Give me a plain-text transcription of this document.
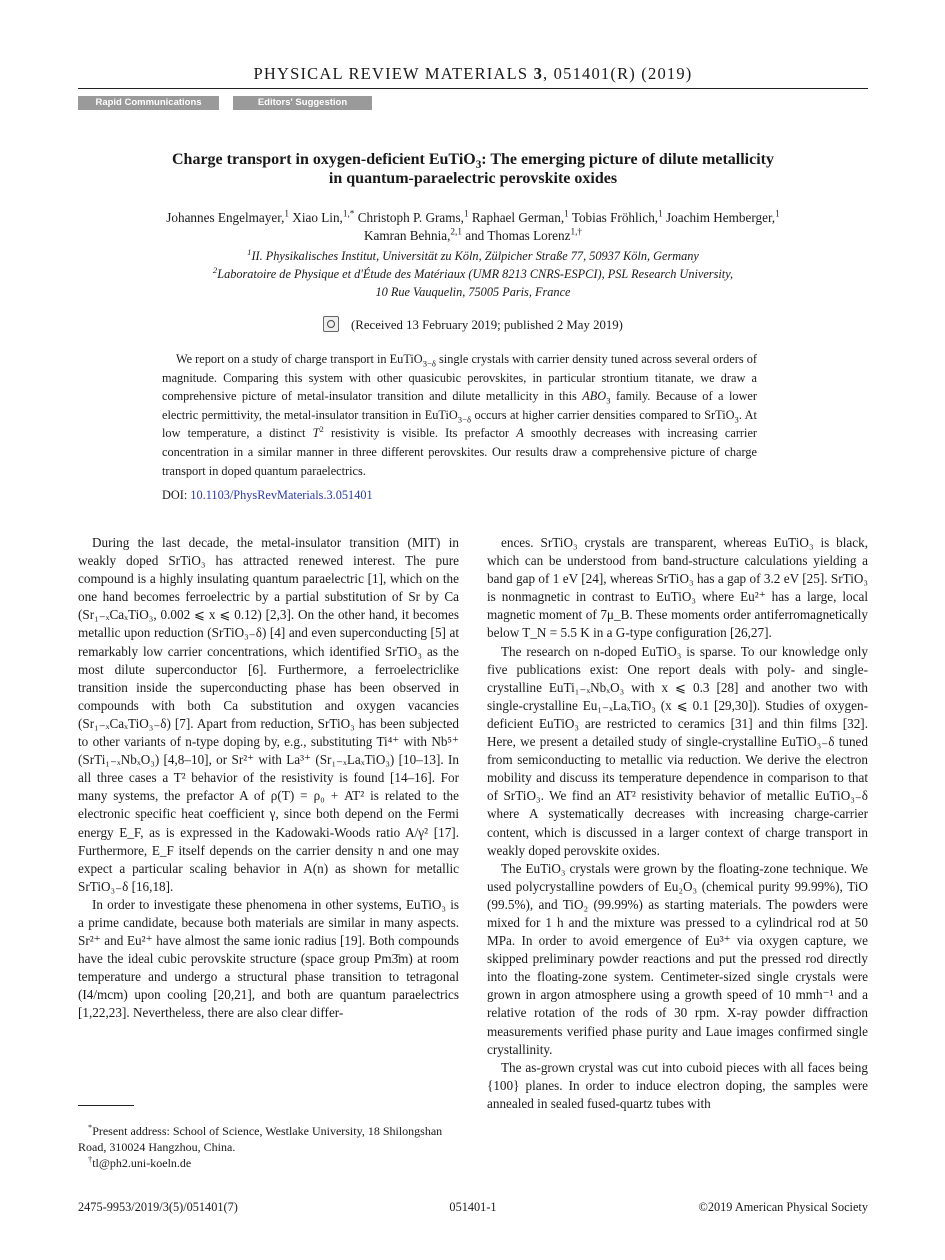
PHYSICAL REVIEW MATERIALS 3, 051401(R) (2019)
Rapid Communications	Editors' Suggestion
Charge transport in oxygen-deficient EuTiO$_3$: The emerging picture of dilute metallicity
in quantum-paraelectric perovskite oxides
Johannes Engelmayer,$^1$ Xiao Lin,$^{1,*}$ Christoph P. Grams,$^1$ Raphael German,$^1$ Tobias Fröhlich,$^1$ Joachim Hemberger,$^1$
Kamran Behnia,$^{2,1}$ and Thomas Lorenz$^{1,\dagger}$
$^1$II. Physikalisches Institut, Universität zu Köln, Zülpicher Straße 77, 50937 Köln, Germany
$^2$Laboratoire de Physique et d'Étude des Matériaux (UMR 8213 CNRS-ESPCI), PSL Research University,
10 Rue Vauquelin, 75005 Paris, France
(Received 13 February 2019; published 2 May 2019)

We report on a study of charge transport in EuTiO$_{3-\delta}$ single crystals with carrier density tuned across several orders of magnitude. Comparing this system with other quasicubic perovskites, in particular strontium titanate, we draw a comprehensive picture of metal-insulator transition and dilute metallicity in this $ABO_3$ family. Because of a lower electric permittivity, the metal-insulator transition in EuTiO$_{3-\delta}$ occurs at higher carrier densities compared to SrTiO$_3$. At low temperature, a distinct $T^2$ resistivity is visible. Its prefactor A smoothly decreases with increasing carrier concentration in a similar manner in three different perovskites. Our results draw a comprehensive picture of charge transport in doped quantum paraelectrics.

DOI: 10.1103/PhysRevMaterials.3.051401

During the last decade, the metal-insulator transition (MIT) in weakly doped SrTiO₃ has attracted renewed interest. The pure compound is a highly insulating quantum paraelectric [1], which on the one hand becomes ferroelectric by a partial substitution of Sr by Ca (Sr₁₋ₓCaₓTiO₃, 0.002 ⩽ x ⩽ 0.12) [2,3]. On the other hand, it becomes metallic upon reduction (SrTiO₃₋δ) [4] and even superconducting [5] at remarkably low carrier concentrations, which identified SrTiO₃ as the most dilute superconductor [6]. Furthermore, a ferroelectriclike transition inside the superconducting phase has been observed in compounds with both Ca substitution and oxygen vacancies (Sr₁₋ₓCaₓTiO₃₋δ) [7]. Apart from reduction, SrTiO₃ has been subjected to other variants of n-type doping by, e.g., substituting Ti⁴⁺ with Nb⁵⁺ (SrTi₁₋ₓNbₓO₃) [4,8–10], or Sr²⁺ with La³⁺ (Sr₁₋ₓLaₓTiO₃) [10–13]. In all three cases a T² behavior of the resistivity is found [14–16]. For many systems, the prefactor A of ρ(T) = ρ₀ + AT² is related to the electronic specific heat coefficient γ, since both depend on the Fermi energy E_F, as is expressed in the Kadowaki-Woods ratio A/γ² [17]. Furthermore, E_F itself depends on the carrier density n and one may expect a particular scaling behavior in A(n) as shown for metallic SrTiO₃₋δ [16,18].

In order to investigate these phenomena in other systems, EuTiO₃ is a prime candidate, because both materials are similar in many aspects. Sr²⁺ and Eu²⁺ have almost the same ionic radius [19]. Both compounds have the ideal cubic perovskite structure (space group Pm3̄m) at room temperature and undergo a structural phase transition to tetragonal (I4/mcm) upon cooling [20,21], and both are quantum paraelectrics [1,22,23]. Nevertheless, there are also clear differ-

ences. SrTiO₃ crystals are transparent, whereas EuTiO₃ is black, which can be understood from band-structure calculations yielding a band gap of 1 eV [24], whereas SrTiO₃ has a gap of 3.2 eV [25]. SrTiO₃ is nonmagnetic in contrast to EuTiO₃ where Eu²⁺ has a large, local magnetic moment of 7μ_B. These moments order antiferromagnetically below T_N = 5.5 K in a G-type configuration [26,27].

The research on n-doped EuTiO₃ is sparse. To our knowledge only five publications exist: One report deals with poly- and single-crystalline EuTi₁₋ₓNbₓO₃ with x ⩽ 0.3 [28] and another two with single-crystalline Eu₁₋ₓLaₓTiO₃ (x ⩽ 0.1 [29,30]). Studies of oxygen-deficient EuTiO₃ are restricted to ceramics [31] and thin films [32]. Here, we present a detailed study of single-crystalline EuTiO₃₋δ tuned from semiconducting to metallic via reduction. We derive the electron mobility and discuss its temperature dependence in comparison to that of SrTiO₃. We find an AT² resistivity behavior of metallic EuTiO₃₋δ where A systematically decreases with increasing charge-carrier content, which is discussed in a larger context of charge transport in weakly doped perovskite oxides.

The EuTiO₃ crystals were grown by the floating-zone technique. We used polycrystalline powders of Eu₂O₃ (chemical purity 99.99%), TiO (99.5%), and TiO₂ (99.99%) as starting materials. The powders were mixed for 1 h and the mixture was pressed to a cylindrical rod at 50 MPa. In order to avoid emergence of Eu³⁺ via oxygen capture, we skipped preliminary powder reactions and put the pressed rod directly into the floating-zone system. Centimeter-sized single crystals were grown in argon atmosphere using a growth speed of 10 mmh⁻¹ and a relative rotation of the rods of 30 rpm. X-ray powder diffraction measurements verified phase purity and Laue images confirmed single crystallinity.

The as-grown crystal was cut into cuboid pieces with all faces being {100} planes. In order to induce electron doping, the samples were annealed in sealed fused-quartz tubes with

*Present address: School of Science, Westlake University, 18 Shilongshan Road, 310024 Hangzhou, China.

†tl@ph2.uni-koeln.de

2475-9953/2019/3(5)/051401(7)	051401-1	©2019 American Physical Society
